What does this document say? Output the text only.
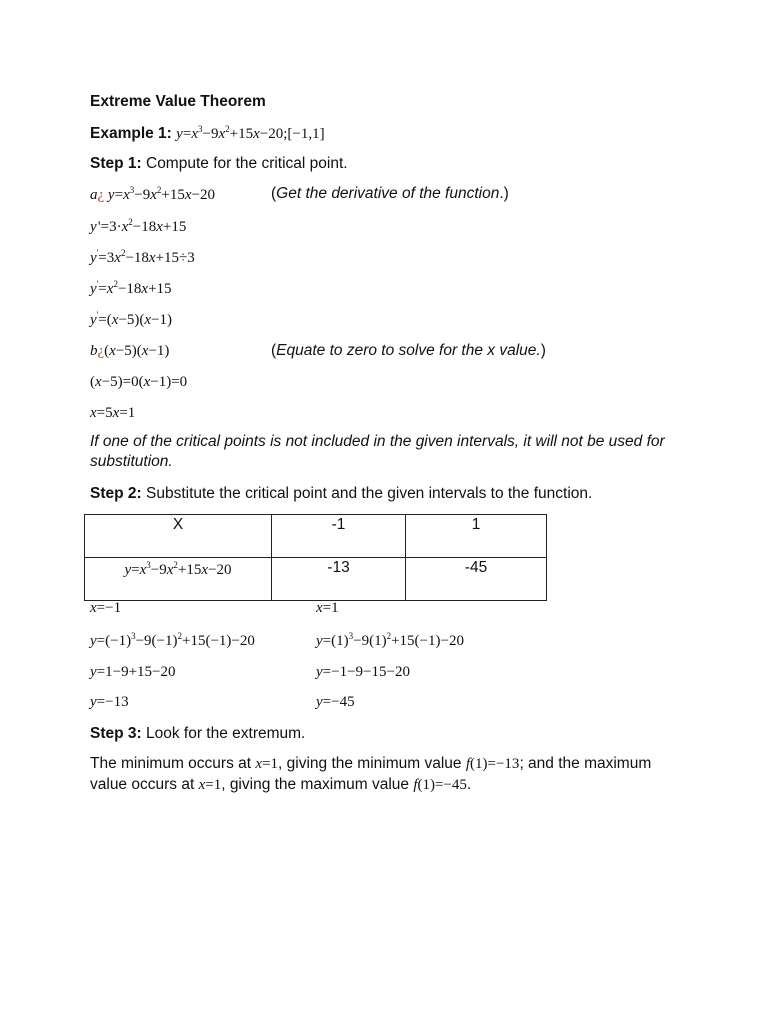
Extreme Value Theorem
Example 1: $y=x^3-9x^2+15x-20;[-1,1]$
Step 1: Compute for the critical point.
a¿ $y=x^3-9x^2+15x-20$	(Get the derivative of the function.)
y '$=3\cdot x^2-18x+15$
$y'=3x^2-18x+15\div 3$
$y'=x^2-18x+15$
y'=(x−5)(x−1)
b¿(x−5)(x−1)	(Equate to zero to solve for the x value.)
(x−5)=0(x−1)=0
x=5x=1
If one of the critical points is not included in the given intervals, it will not be used for substitution.
Step 2: Substitute the critical point and the given intervals to the function.
X	-1	1

$y=x^3-9x^2+15x-20$	-13	-45
x=−1
$y=(-1)^3-9(-1)^2+15(-1)-20$
y=1−9+15−20
y=−13
x=1
$y=(1)^3-9(1)^2+15(-1)-20$
y=−1−9−15−20
y=−45
Step 3: Look for the extremum.
The minimum occurs at x=1, giving the minimum value f(1)=−13; and the maximum
value occurs at x=1, giving the maximum value f(1)=−45.
